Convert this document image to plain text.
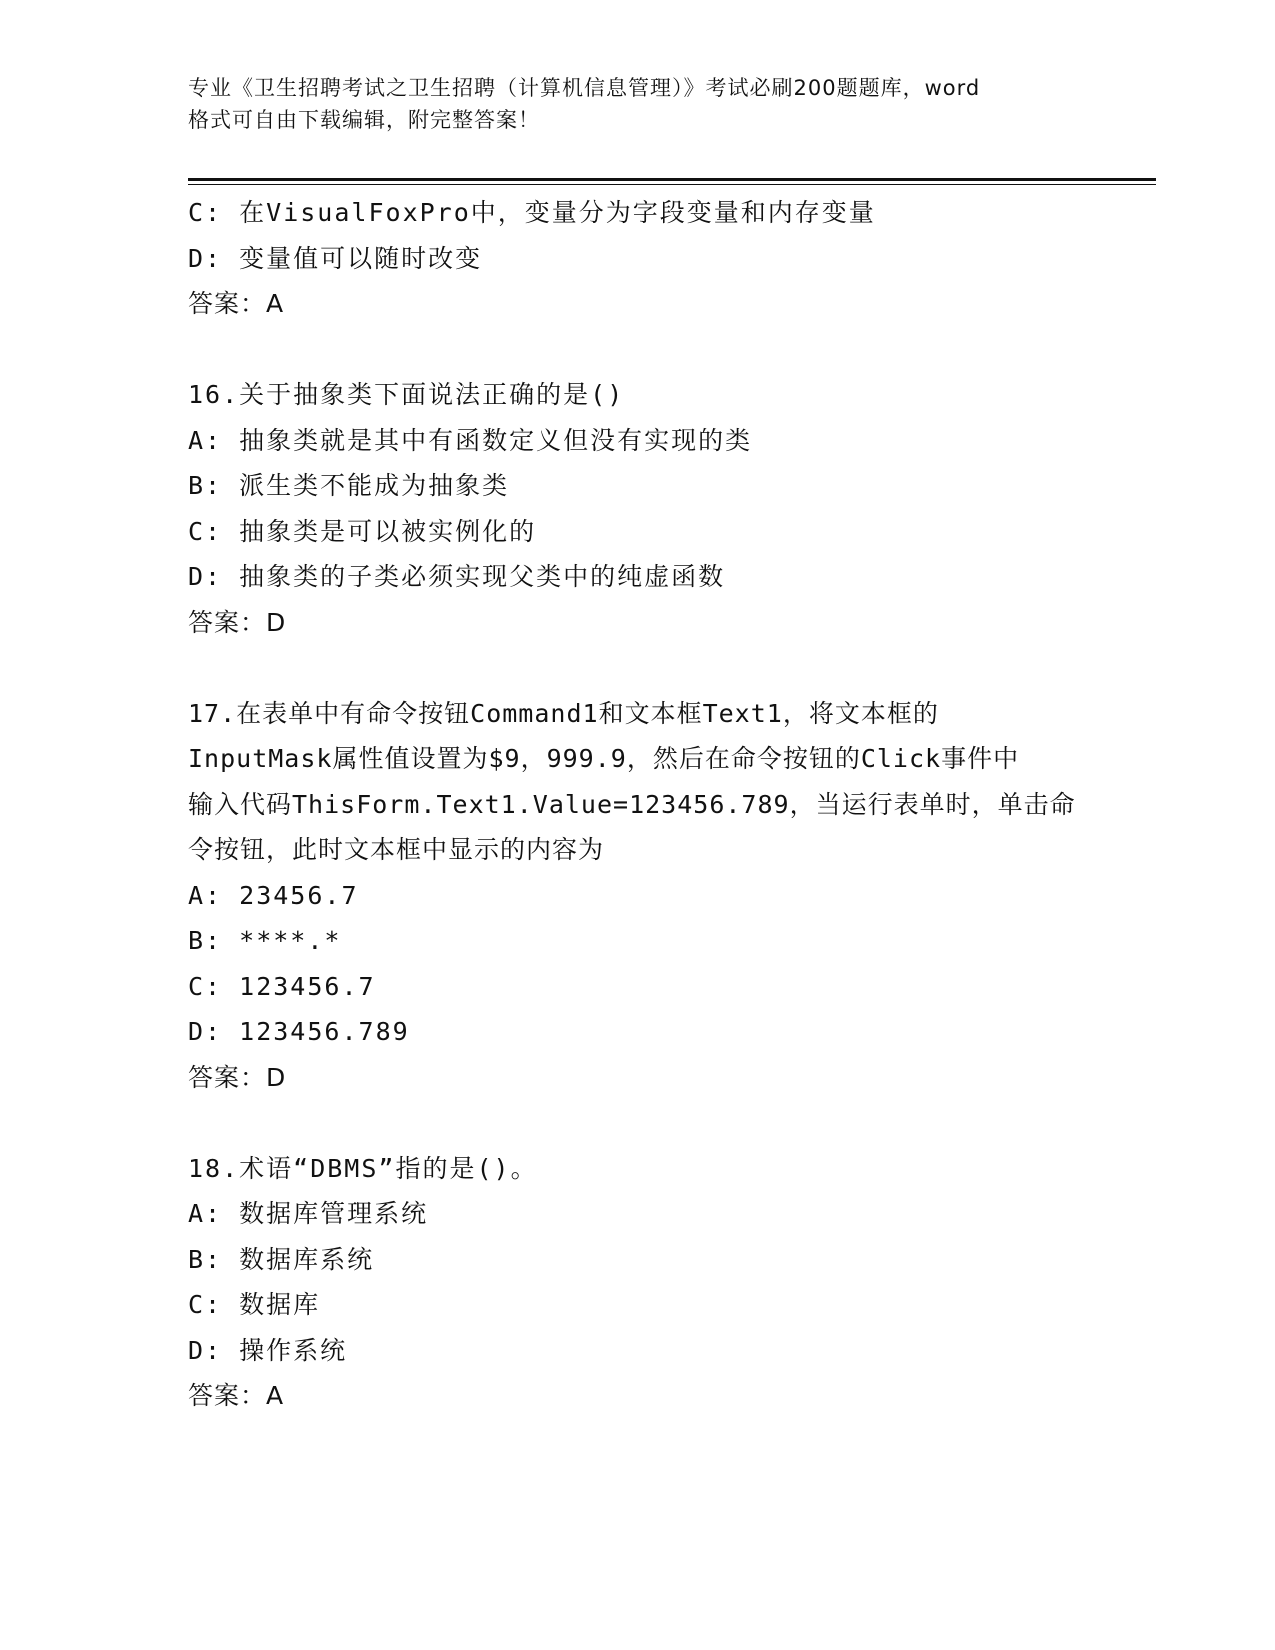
专业《卫生招聘考试之卫生招聘（计算机信息管理）》考试必刷200题题库，word
格式可自由下载编辑，附完整答案！
C: 在VisualFoxPro中，变量分为字段变量和内存变量
D: 变量值可以随时改变
答案：A
16.关于抽象类下面说法正确的是()
A: 抽象类就是其中有函数定义但没有实现的类
B: 派生类不能成为抽象类
C: 抽象类是可以被实例化的
D: 抽象类的子类必须实现父类中的纯虚函数
答案：D
17.在表单中有命令按钮Command1和文本框Text1，将文本框的
InputMask属性值设置为$9，999.9，然后在命令按钮的Click事件中
输入代码ThisForm.Text1.Value=123456.789，当运行表单时，单击命
令按钮，此时文本框中显示的内容为
A: 23456.7
B: ****.*
C: 123456.7
D: 123456.789
答案：D
18.术语“DBMS”指的是()。
A: 数据库管理系统
B: 数据库系统
C: 数据库
D: 操作系统
答案：A
